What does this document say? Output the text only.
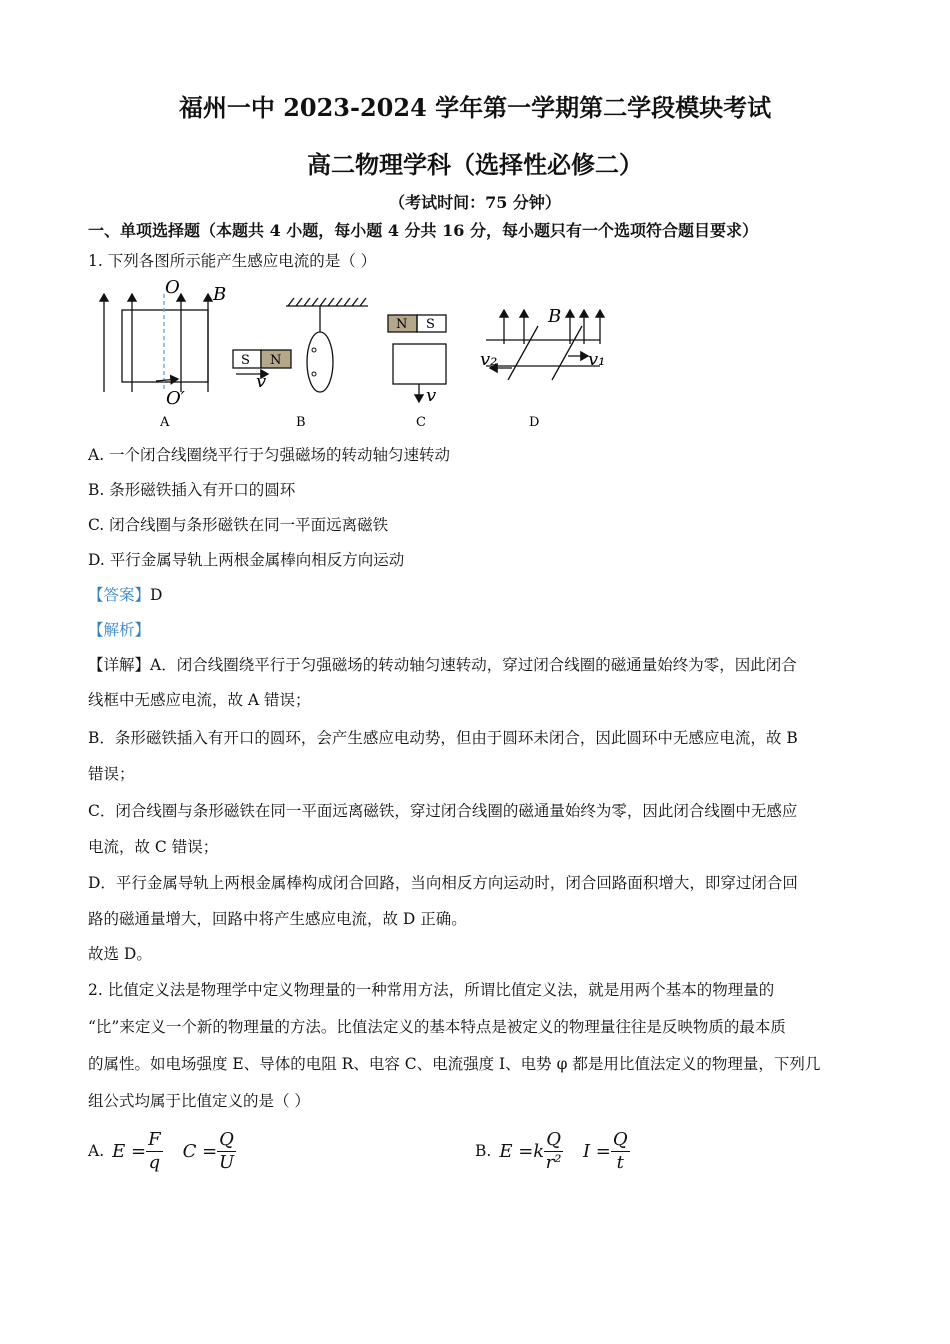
福州一中 2023-2024 学年第一学期第二学段模块考试
高二物理学科（选择性必修二）
（考试时间：75 分钟）
一、单项选择题（本题共 4 小题，每小题 4 分共 16 分，每小题只有一个选项符合题目要求）
1. 下列各图所示能产生感应电流的是（ ）
O
O′
B
S N
v
N S
v
B
v₂	v₁
A	B	C	D
A. 一个闭合线圈绕平行于匀强磁场的转动轴匀速转动
B. 条形磁铁插入有开口的圆环
C. 闭合线圈与条形磁铁在同一平面远离磁铁
D. 平行金属导轨上两根金属棒向相反方向运动
【答案】D
【解析】
【详解】A．闭合线圈绕平行于匀强磁场的转动轴匀速转动，穿过闭合线圈的磁通量始终为零，因此闭合
线框中无感应电流，故 A 错误；
B．条形磁铁插入有开口的圆环，会产生感应电动势，但由于圆环未闭合，因此圆环中无感应电流，故 B
错误；
C．闭合线圈与条形磁铁在同一平面远离磁铁，穿过闭合线圈的磁通量始终为零，因此闭合线圈中无感应
电流，故 C 错误；
D．平行金属导轨上两根金属棒构成闭合回路，当向相反方向运动时，闭合回路面积增大，即穿过闭合回
路的磁通量增大，回路中将产生感应电流，故 D 正确。
故选 D。
2. 比值定义法是物理学中定义物理量的一种常用方法，所谓比值定义法，就是用两个基本的物理量的
“比”来定义一个新的物理量的方法。比值法定义的基本特点是被定义的物理量往往是反映物质的最本质
的属性。如电场强度 E、导体的电阻 R、电容 C、电流强度 I、电势 φ 都是用比值法定义的物理量，下列几
组公式均属于比值定义的是（ ）
A. $E = \frac{F}{q}$ $C = \frac{Q}{U}$	B. $E =k \frac{Q}{\text{r²}}$ $I = \frac{Q}{t}$
